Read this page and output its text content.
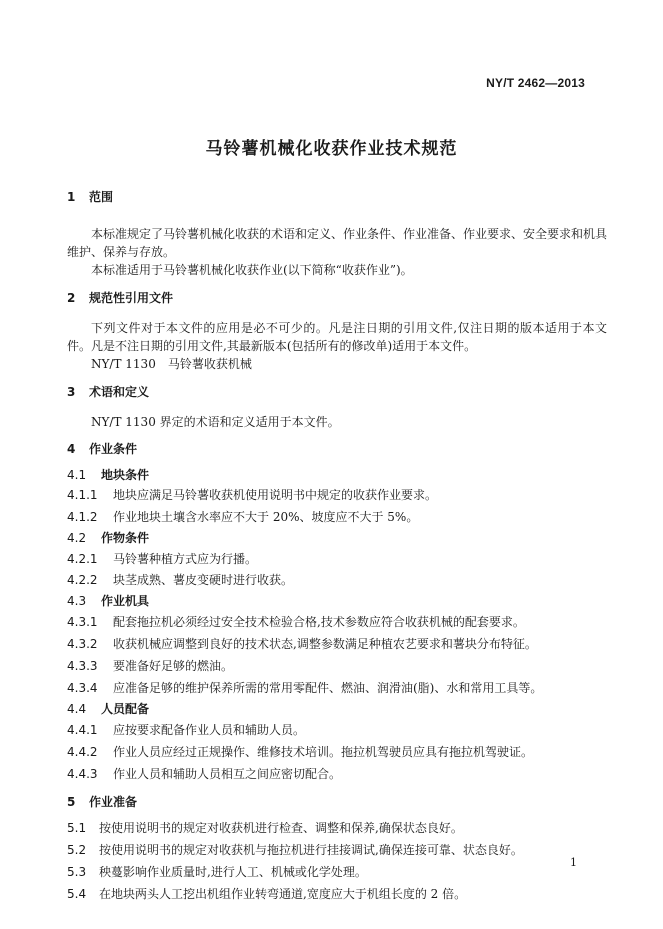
NY/T 2462—2013
马铃薯机械化收获作业技术规范
1 范围

本标准规定了马铃薯机械化收获的术语和定义、作业条件、作业准备、作业要求、安全要求和机具维护、保养与存放。

本标准适用于马铃薯机械化收获作业(以下简称“收获作业”)。

2 规范性引用文件

下列文件对于本文件的应用是必不可少的。凡是注日期的引用文件,仅注日期的版本适用于本文件。凡是不注日期的引用文件,其最新版本(包括所有的修改单)适用于本文件。

NY/T 1130　马铃薯收获机械

3 术语和定义

NY/T 1130 界定的术语和定义适用于本文件。

4 作业条件
4.1 地块条件
4.1.1 地块应满足马铃薯收获机使用说明书中规定的收获作业要求。
4.1.2 作业地块土壤含水率应不大于 20%、坡度应不大于 5%。
4.2 作物条件
4.2.1 马铃薯种植方式应为行播。
4.2.2 块茎成熟、薯皮变硬时进行收获。
4.3 作业机具
4.3.1 配套拖拉机必须经过安全技术检验合格,技术参数应符合收获机械的配套要求。
4.3.2 收获机械应调整到良好的技术状态,调整参数满足种植农艺要求和薯块分布特征。
4.3.3 要准备好足够的燃油。
4.3.4 应准备足够的维护保养所需的常用零配件、燃油、润滑油(脂)、水和常用工具等。
4.4 人员配备
4.4.1 应按要求配备作业人员和辅助人员。
4.4.2 作业人员应经过正规操作、维修技术培训。拖拉机驾驶员应具有拖拉机驾驶证。
4.4.3 作业人员和辅助人员相互之间应密切配合。
5 作业准备
5.1 按使用说明书的规定对收获机进行检查、调整和保养,确保状态良好。
5.2 按使用说明书的规定对收获机与拖拉机进行挂接调试,确保连接可靠、状态良好。
5.3 秧蔓影响作业质量时,进行人工、机械或化学处理。
5.4 在地块两头人工挖出机组作业转弯通道,宽度应大于机组长度的 2 倍。
1
